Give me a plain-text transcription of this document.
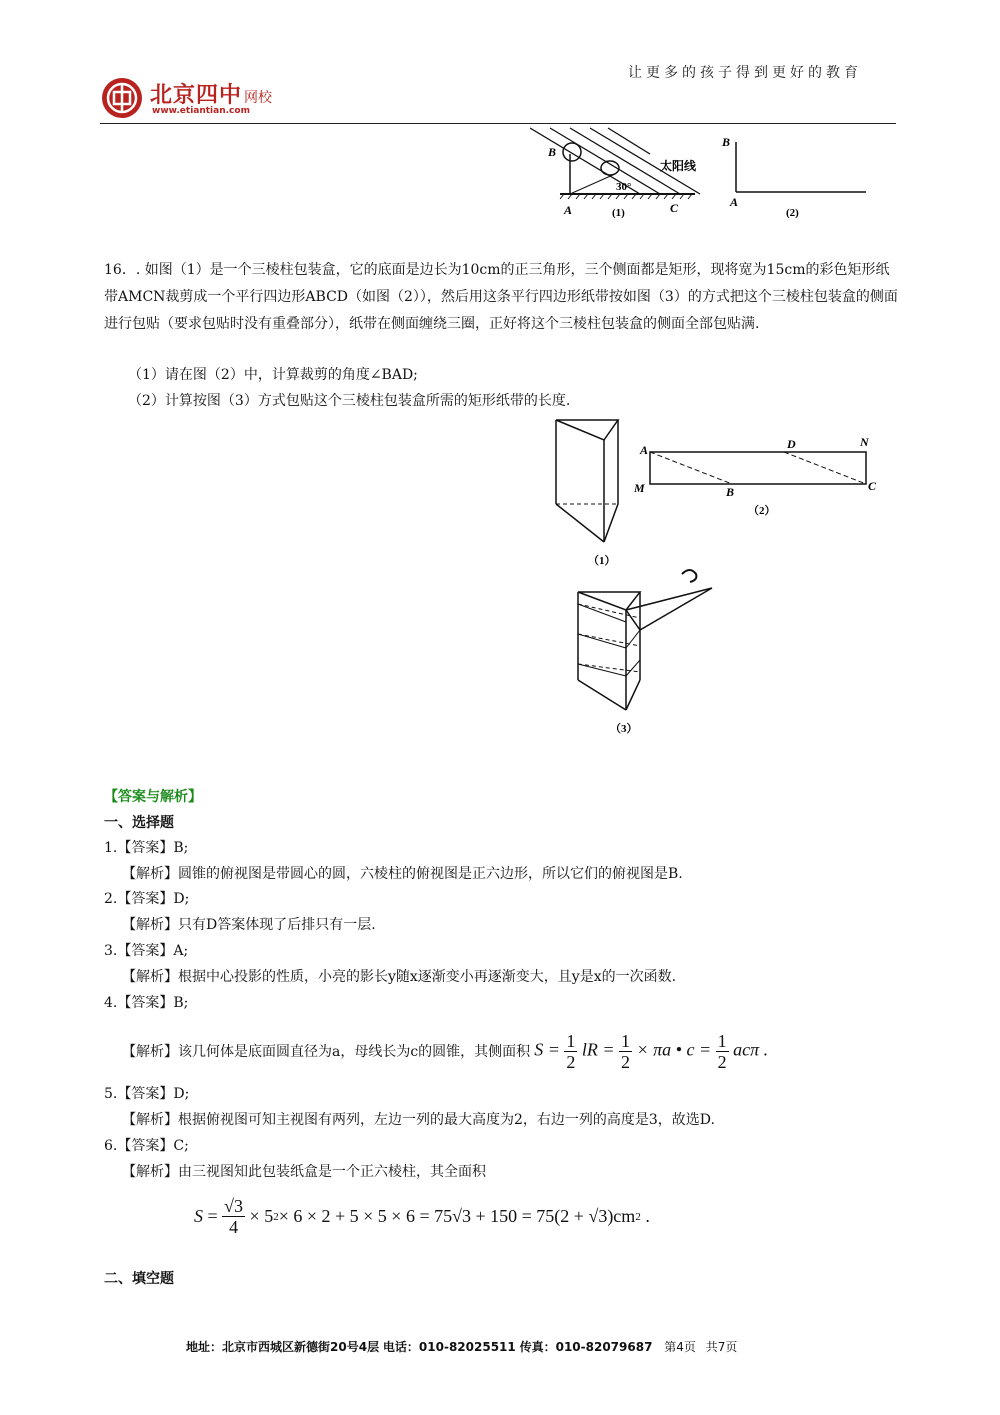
北京四中 网校
www.etiantian.com
让更多的孩子得到更好的教育
B
A	C
30°
太阳线
(1)
B
A
(2)
16．. 如图（1）是一个三棱柱包装盒，它的底面是边长为10cm的正三角形，三个侧面都是矩形，现将宽为15cm的彩色矩形纸带AMCN裁剪成一个平行四边形ABCD（如图（2）），然后用这条平行四边形纸带按如图（3）的方式把这个三棱柱包装盒的侧面进行包贴（要求包贴时没有重叠部分），纸带在侧面缠绕三圈，正好将这个三棱柱包装盒的侧面全部包贴满.
（1）请在图（2）中，计算裁剪的角度∠BAD;
（2）计算按图（3）方式包贴这个三棱柱包装盒所需的矩形纸带的长度.
（1）
A	D	N
M	B	C
（2）
（3）
【答案与解析】
一、选择题
1.【答案】B;
【解析】圆锥的俯视图是带圆心的圆，六棱柱的俯视图是正六边形，所以它们的俯视图是B.
2.【答案】D;
【解析】只有D答案体现了后排只有一层.
3.【答案】A;
【解析】根据中心投影的性质，小亮的影长y随x逐渐变小再逐渐变大，且y是x的一次函数.
4.【答案】B;
【解析】该几何体是底面圆直径为a，母线长为c的圆锥，其侧面积 $S = \frac{1}{2}$ lR = $\frac{1}{2} \times \pi a$ • $c = \frac{1}{2}$ acπ .
5.【答案】D;
【解析】根据俯视图可知主视图有两列，左边一列的最大高度为2，右边一列的高度是3，故选D.
6.【答案】C;
【解析】由三视图知此包装纸盒是一个正六棱柱，其全面积
$S = \frac{√3}{4} \times 5$ 2 × 6 × 2 + 5 × 5 × 6 = 75√3 + 150 = 75(2 + √3)cm 2 .
二、填空题
地址：北京市西城区新德街20号4层 电话：010-82025511 传真：010-82079687 第4页 共7页
